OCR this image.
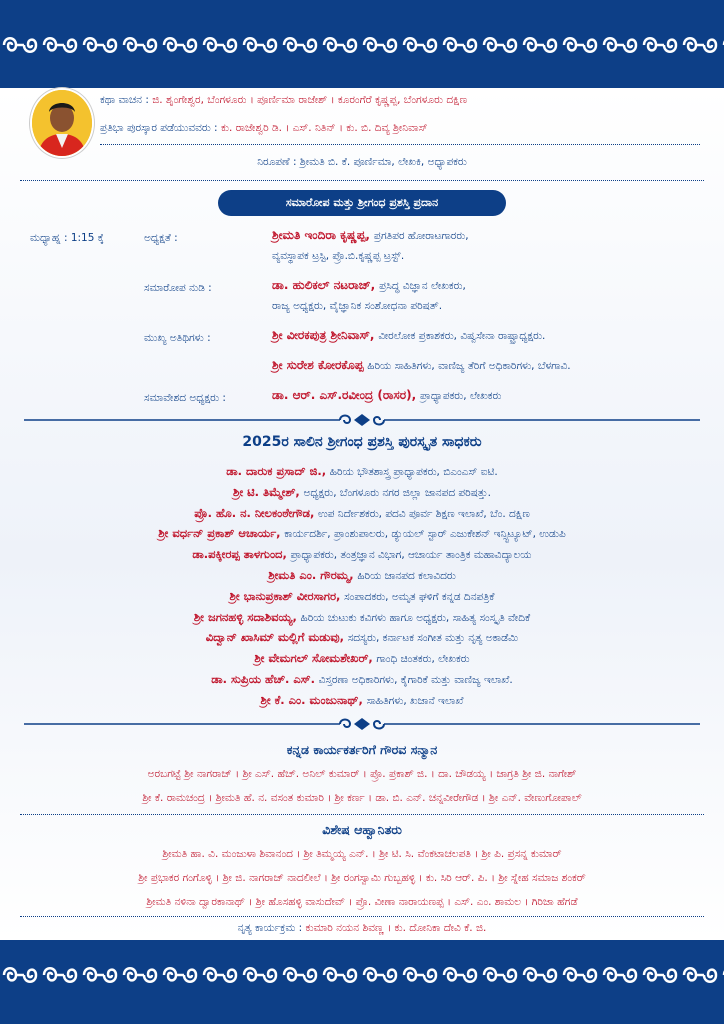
ಕಥಾ ವಾಚನ : ಜಿ. ಶೃಂಗೇಶ್ವರ, ಬೆಂಗಳೂರು । ಪೂರ್ಣಿಮಾ ರಾಜೇಶ್ । ಕೂರಂಗೆರೆ ಕೃಷ್ಣಪ್ಪ, ಬೆಂಗಳೂರು ದಕ್ಷಿಣ
ಪ್ರತಿಭಾ ಪುರಸ್ಕಾರ ಪಡೆಯುವವರು : ಕು. ರಾಜೇಶ್ವರಿ ಡಿ. । ಎಸ್. ನಿತಿನ್ । ಕು. ಬಿ. ದಿವ್ಯ ಶ್ರೀನಿವಾಸ್
ನಿರೂಪಣೆ : ಶ್ರೀಮತಿ ಬಿ. ಕೆ. ಪೂರ್ಣಿಮಾ, ಲೇಖಕಿ, ಅಧ್ಯಾಪಕರು
ಸಮಾರೋಪ ಮತ್ತು ಶ್ರೀಗಂಧ ಪ್ರಶಸ್ತಿ ಪ್ರದಾನ
ಮಧ್ಯಾಹ್ನ : 1:15 ಕ್ಕೆ	ಅಧ್ಯಕ್ಷತೆ :	ಶ್ರೀಮತಿ ಇಂದಿರಾ ಕೃಷ್ಣಪ್ಪ, ಪ್ರಗತಿಪರ ಹೋರಾಟಗಾರರು,
ವ್ಯವಸ್ಥಾಪಕ ಟ್ರಸ್ಟಿ, ಪ್ರೊ.ಬಿ.ಕೃಷ್ಣಪ್ಪ ಟ್ರಸ್ಟ್.
ಸಮಾರೋಪ ನುಡಿ :	ಡಾ. ಹುಲಿಕಲ್ ನಟರಾಜ್, ಪ್ರಸಿದ್ಧ ವಿಜ್ಞಾನ ಲೇಖಕರು,
ರಾಜ್ಯ ಅಧ್ಯಕ್ಷರು, ವೈಜ್ಞಾನಿಕ ಸಂಶೋಧನಾ ಪರಿಷತ್.
ಮುಖ್ಯ ಅತಿಥಿಗಳು :	ಶ್ರೀ ವೀರಕಪುತ್ರ ಶ್ರೀನಿವಾಸ್, ವೀರಲೋಕ ಪ್ರಕಾಶಕರು, ವಿಷ್ವಸೇನಾ ರಾಷ್ಟ್ರಾಧ್ಯಕ್ಷರು.
ಶ್ರೀ ಸುರೇಶ ಕೋರಕೊಪ್ಪ ಹಿರಿಯ ಸಾಹಿತಿಗಳು, ವಾಣಿಜ್ಯ ತೆರಿಗೆ ಅಧಿಕಾರಿಗಳು, ಬೆಳಗಾವಿ.
ಸಮಾವೇಶದ ಅಧ್ಯಕ್ಷರು :	ಡಾ. ಆರ್. ಎಸ್.ರವೀಂದ್ರ (ರಾಸರ), ಪ್ರಾಧ್ಯಾಪಕರು, ಲೇಖಕರು
2025ರ ಸಾಲಿನ ಶ್ರೀಗಂಧ ಪ್ರಶಸ್ತಿ ಪುರಸ್ಕೃತ ಸಾಧಕರು
ಡಾ. ದಾರುಕ ಪ್ರಸಾದ್ ಜಿ., ಹಿರಿಯ ಭೌತಶಾಸ್ತ್ರ ಪ್ರಾಧ್ಯಾಪಕರು, ಬಿಎಂಎಸ್ ಐಟಿ.
ಶ್ರೀ ಟಿ. ತಿಮ್ಮೇಶ್, ಅಧ್ಯಕ್ಷರು, ಬೆಂಗಳೂರು ನಗರ ಜಿಲ್ಲಾ ಜಾನಪದ ಪರಿಷತ್ತು.
ಪ್ರೊ. ಹೊ. ನ. ನೀಲಕಂಠೇಗೌಡ, ಉಪ ನಿರ್ದೇಶಕರು, ಪದವಿ ಪೂರ್ವ ಶಿಕ್ಷಣ ಇಲಾಖೆ, ಬೆಂ. ದಕ್ಷಿಣ
ಶ್ರೀ ವರ್ಧನ್ ಪ್ರಕಾಶ್ ಆಚಾರ್ಯ, ಕಾರ್ಯದರ್ಶಿ, ಪ್ರಾಂಶುಪಾಲರು, ಡ್ಯುಯಲ್ ಸ್ಟಾರ್ ಎಜುಕೇಶನ್ ಇನ್ಸ್ಟಿಟ್ಯೂಟ್, ಉಡುಪಿ
ಡಾ.ಪಕ್ಕೀರಪ್ಪ ತಾಳಗುಂದ, ಪ್ರಾಧ್ಯಾಪಕರು, ತಂತ್ರಜ್ಞಾನ ವಿಭಾಗ, ಆಚಾರ್ಯ ತಾಂತ್ರಿಕ ಮಹಾವಿದ್ಯಾಲಯ
ಶ್ರೀಮತಿ ಎಂ. ಗೌರಮ್ಮ, ಹಿರಿಯ ಜಾನಪದ ಕಲಾವಿದರು
ಶ್ರೀ ಭಾನುಪ್ರಕಾಶ್ ವೀರಸಾಗರ, ಸಂಪಾದಕರು, ಅಮೃತ ಘಳಿಗೆ ಕನ್ನಡ ದಿನಪತ್ರಿಕೆ
ಶ್ರೀ ಜಗನಹಳ್ಳಿ ಸದಾಶಿವಯ್ಯ, ಹಿರಿಯ ಚುಟುಕು ಕವಿಗಳು ಹಾಗೂ ಅಧ್ಯಕ್ಷರು, ಸಾಹಿತ್ಯ ಸಂಸ್ಕೃತಿ ವೇದಿಕೆ
ವಿದ್ವಾನ್ ಖಾಸಿಮ್ ಮಲ್ಲಿಗೆ ಮಡುವು, ಸದಸ್ಯರು, ಕರ್ನಾಟಕ ಸಂಗೀತ ಮತ್ತು ನೃತ್ಯ ಅಕಾಡೆಮಿ
ಶ್ರೀ ವೇಮಗಲ್ ಸೋಮಶೇಖರ್, ಗಾಂಧಿ ಚಿಂತಕರು, ಲೇಖಕರು
ಡಾ. ಸುಪ್ರಿಯ ಹೆಚ್. ಎಸ್. ವಿಸ್ತರಣಾ ಅಧಿಕಾರಿಗಳು, ಕೈಗಾರಿಕೆ ಮತ್ತು ವಾಣಿಜ್ಯ ಇಲಾಖೆ.
ಶ್ರೀ ಕೆ. ಎಂ. ಮಂಜುನಾಥ್, ಸಾಹಿತಿಗಳು, ಖಜಾನೆ ಇಲಾಖೆ
ಕನ್ನಡ ಕಾರ್ಯಕರ್ತರಿಗೆ ಗೌರವ ಸನ್ಮಾನ
ಅರಬಗಟ್ಟೆ ಶ್ರೀ ನಾಗರಾಜ್ । ಶ್ರೀ ಎಸ್. ಹೆಚ್. ಅನಿಲ್ ಕುಮಾರ್ । ಪ್ರೊ. ಪ್ರಕಾಶ್ ಜಿ. । ದಾ. ಚೌಡಯ್ಯ । ಜಾಗ್ರತಿ ಶ್ರೀ ಜಿ. ನಾಗೇಶ್
ಶ್ರೀ ಕೆ. ರಾಮಚಂದ್ರ । ಶ್ರೀಮತಿ ಹೆ. ನ. ವಸಂತ ಕುಮಾರಿ । ಶ್ರೀ ಕರ್ಣ । ಡಾ. ಬಿ. ಎನ್. ಚನ್ನವೀರೇಗೌಡ । ಶ್ರೀ ಎನ್. ವೇಣುಗೋಪಾಲ್
ವಿಶೇಷ ಆಹ್ವಾನಿತರು
ಶ್ರೀಮತಿ ಹಾ. ವಿ. ಮಂಜುಳಾ ಶಿವಾನಂದ । ಶ್ರೀ ತಿಮ್ಮಯ್ಯ ಎನ್. । ಶ್ರೀ ಟಿ. ಸಿ. ವೆಂಕಟಾಚಲಪತಿ । ಶ್ರೀ ಪಿ. ಪ್ರಸನ್ನ ಕುಮಾರ್
ಶ್ರೀ ಪ್ರಭಾಕರ ಗಂಗೊಳ್ಳಿ । ಶ್ರೀ ಜಿ. ನಾಗರಾಜ್ ನಾದಲೀಲೆ । ಶ್ರೀ ರಂಗಸ್ವಾಮಿ ಗುಬ್ಬಹಳ್ಳಿ । ಕು. ಸಿರಿ ಆರ್. ಪಿ. । ಶ್ರೀ ಸ್ನೇಹ ಸಮಾಜ ಶಂಕರ್
ಶ್ರೀಮತಿ ನಳಿನಾ ದ್ವಾರಕಾನಾಥ್ । ಶ್ರೀ ಹೊಸಹಳ್ಳಿ ವಾಸುದೇವ್ । ಪ್ರೊ. ವೀಣಾ ನಾರಾಯಣಪ್ಪ । ಎಸ್. ಎಂ. ಶಾಮಲ । ಗಿರಿಜಾ ಹೆಗಡೆ
ನೃತ್ಯ ಕಾರ್ಯಕ್ರಮ : ಕುಮಾರಿ ನಯನ ಶಿವಣ್ಣ । ಕು. ದೋನಿಕಾ ದೇವಿ ಕೆ. ಜಿ.
